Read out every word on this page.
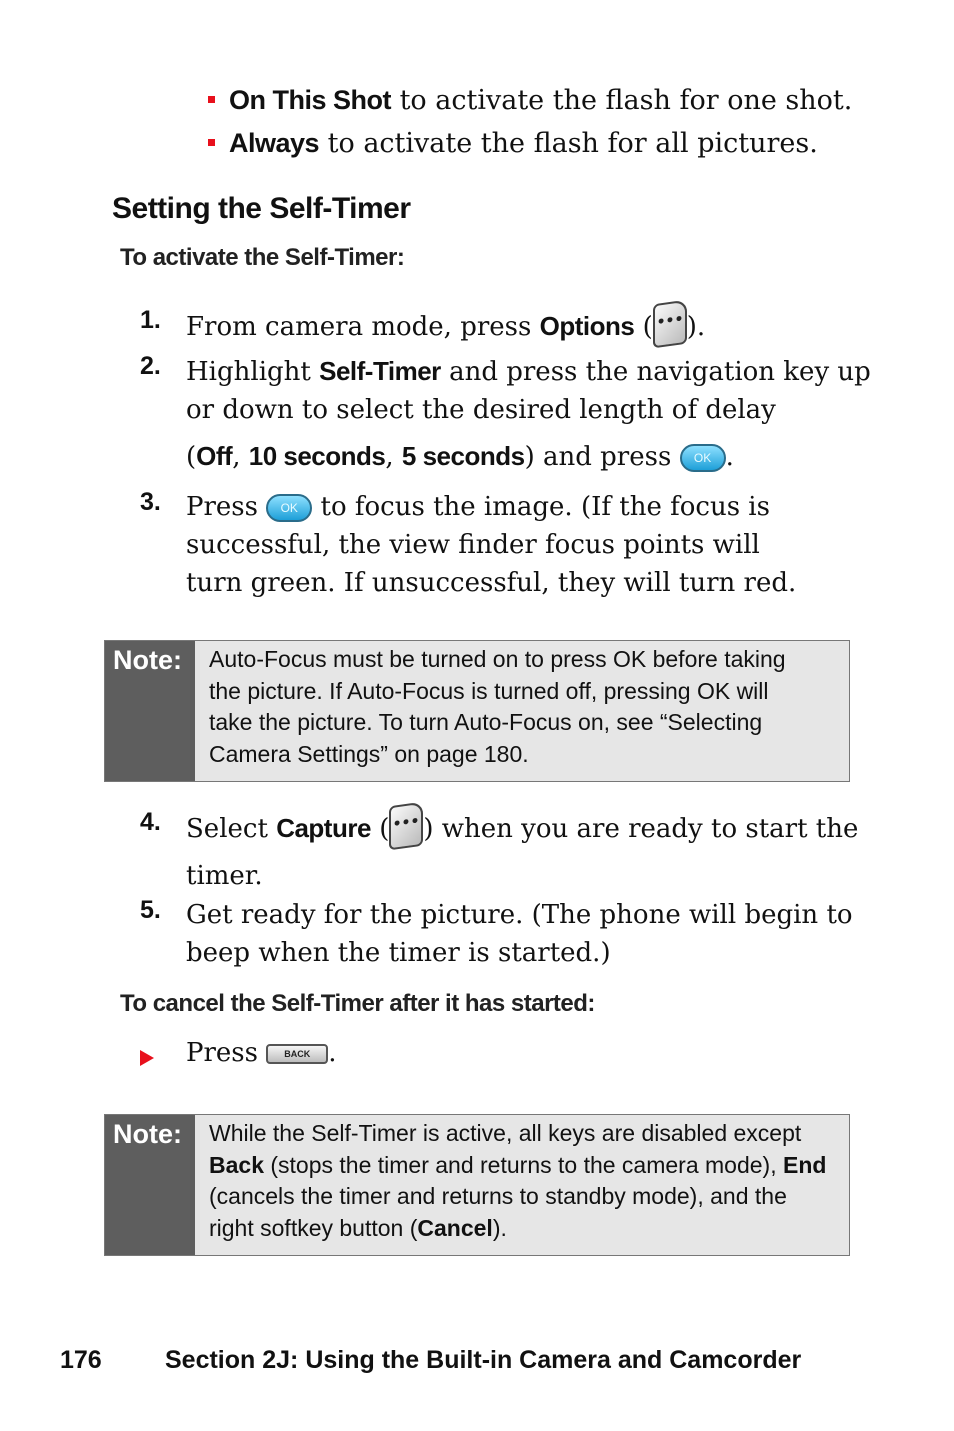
On This Shot to activate the flash for one shot.
Always to activate the flash for all pictures.
Setting the Self-Timer
To activate the Self-Timer:
1. From camera mode, press Options ( ••• ).
2. Highlight Self-Timer and press the navigation key up
or down to select the desired length of delay
(Off, 10 seconds, 5 seconds) and press OK .
3. Press OK to focus the image. (If the focus is
successful, the view finder focus points will
turn green. If unsuccessful, they will turn red.
Note:	Auto-Focus must be turned on to press OK before taking
the picture. If Auto-Focus is turned off, pressing OK will
take the picture. To turn Auto-Focus on, see “Selecting
Camera Settings” on page 180.
4. Select Capture ( ••• ) when you are ready to start the
timer.
5. Get ready for the picture. (The phone will begin to
beep when the timer is started.)
To cancel the Self-Timer after it has started:
Press BACK .
Note:	While the Self-Timer is active, all keys are disabled except
Back (stops the timer and returns to the camera mode), End
(cancels the timer and returns to standby mode), and the
right softkey button (Cancel).
176	Section 2J: Using the Built-in Camera and Camcorder
